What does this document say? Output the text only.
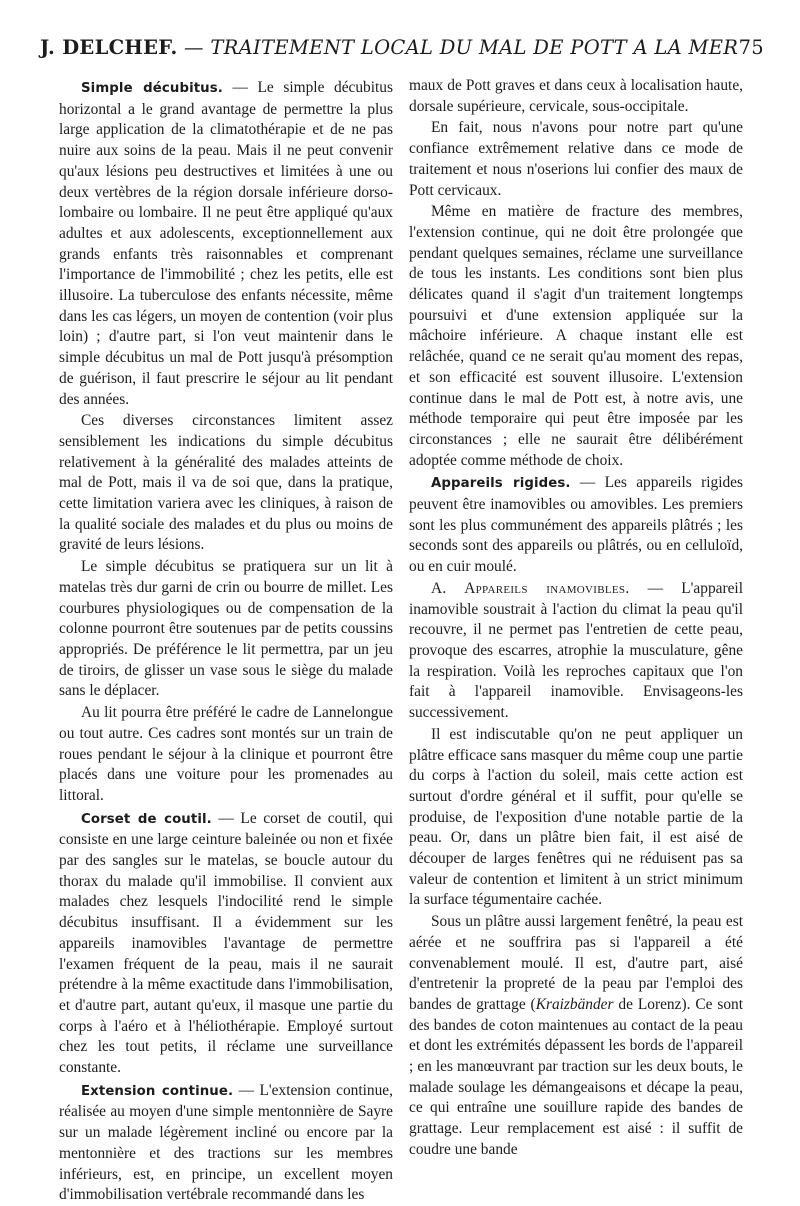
J. DELCHEF. — TRAITEMENT LOCAL DU MAL DE POTT A LA MER 75

Simple décubitus. — Le simple décubitus horizontal a le grand avantage de permettre la plus large application de la climatothérapie et de ne pas nuire aux soins de la peau. Mais il ne peut convenir qu'aux lésions peu destructives et limitées à une ou deux vertèbres de la région dorsale inférieure dorso-lombaire ou lombaire. Il ne peut être appliqué qu'aux adultes et aux adolescents, exceptionnellement aux grands enfants très raisonnables et comprenant l'importance de l'immobilité ; chez les petits, elle est illusoire. La tuberculose des enfants nécessite, même dans les cas légers, un moyen de contention (voir plus loin) ; d'autre part, si l'on veut maintenir dans le simple décubitus un mal de Pott jusqu'à présomption de guérison, il faut prescrire le séjour au lit pendant des années.

Ces diverses circonstances limitent assez sensiblement les indications du simple décubitus relativement à la généralité des malades atteints de mal de Pott, mais il va de soi que, dans la pratique, cette limitation variera avec les cliniques, à raison de la qualité sociale des malades et du plus ou moins de gravité de leurs lésions.

Le simple décubitus se pratiquera sur un lit à matelas très dur garni de crin ou bourre de millet. Les courbures physiologiques ou de compensation de la colonne pourront être soutenues par de petits coussins appropriés. De préférence le lit permettra, par un jeu de tiroirs, de glisser un vase sous le siège du malade sans le déplacer.

Au lit pourra être préféré le cadre de Lannelongue ou tout autre. Ces cadres sont montés sur un train de roues pendant le séjour à la clinique et pourront être placés dans une voiture pour les promenades au littoral.

Corset de coutil. — Le corset de coutil, qui consiste en une large ceinture baleinée ou non et fixée par des sangles sur le matelas, se boucle autour du thorax du malade qu'il immobilise. Il convient aux malades chez lesquels l'indocilité rend le simple décubitus insuffisant. Il a évidemment sur les appareils inamovibles l'avantage de permettre l'examen fréquent de la peau, mais il ne saurait prétendre à la même exactitude dans l'immobilisation, et d'autre part, autant qu'eux, il masque une partie du corps à l'aéro et à l'héliothérapie. Employé surtout chez les tout petits, il réclame une surveillance constante.

Extension continue. — L'extension continue, réalisée au moyen d'une simple mentonnière de Sayre sur un malade légèrement incliné ou encore par la mentonnière et des tractions sur les membres inférieurs, est, en principe, un excellent moyen d'immobilisation vertébrale recommandé dans les

maux de Pott graves et dans ceux à localisation haute, dorsale supérieure, cervicale, sous-occipitale.

En fait, nous n'avons pour notre part qu'une confiance extrêmement relative dans ce mode de traitement et nous n'oserions lui confier des maux de Pott cervicaux.

Même en matière de fracture des membres, l'extension continue, qui ne doit être prolongée que pendant quelques semaines, réclame une surveillance de tous les instants. Les conditions sont bien plus délicates quand il s'agit d'un traitement longtemps poursuivi et d'une extension appliquée sur la mâchoire inférieure. A chaque instant elle est relâchée, quand ce ne serait qu'au moment des repas, et son efficacité est souvent illusoire. L'extension continue dans le mal de Pott est, à notre avis, une méthode temporaire qui peut être imposée par les circonstances ; elle ne saurait être délibérément adoptée comme méthode de choix.

Appareils rigides. — Les appareils rigides peuvent être inamovibles ou amovibles. Les premiers sont les plus communément des appareils plâtrés ; les seconds sont des appareils ou plâtrés, ou en celluloïd, ou en cuir moulé.

A. Appareils inamovibles. — L'appareil inamovible soustrait à l'action du climat la peau qu'il recouvre, il ne permet pas l'entretien de cette peau, provoque des escarres, atrophie la musculature, gêne la respiration. Voilà les reproches capitaux que l'on fait à l'appareil inamovible. Envisageons-les successivement.

Il est indiscutable qu'on ne peut appliquer un plâtre efficace sans masquer du même coup une partie du corps à l'action du soleil, mais cette action est surtout d'ordre général et il suffit, pour qu'elle se produise, de l'exposition d'une notable partie de la peau. Or, dans un plâtre bien fait, il est aisé de découper de larges fenêtres qui ne réduisent pas sa valeur de contention et limitent à un strict minimum la surface tégumentaire cachée.

Sous un plâtre aussi largement fenêtré, la peau est aérée et ne souffrira pas si l'appareil a été convenablement moulé. Il est, d'autre part, aisé d'entretenir la propreté de la peau par l'emploi des bandes de grattage (Kraizbänder de Lorenz). Ce sont des bandes de coton maintenues au contact de la peau et dont les extrémités dépassent les bords de l'appareil ; en les manœuvrant par traction sur les deux bouts, le malade soulage les démangeaisons et décape la peau, ce qui entraîne une souillure rapide des bandes de grattage. Leur remplacement est aisé : il suffit de coudre une bande
